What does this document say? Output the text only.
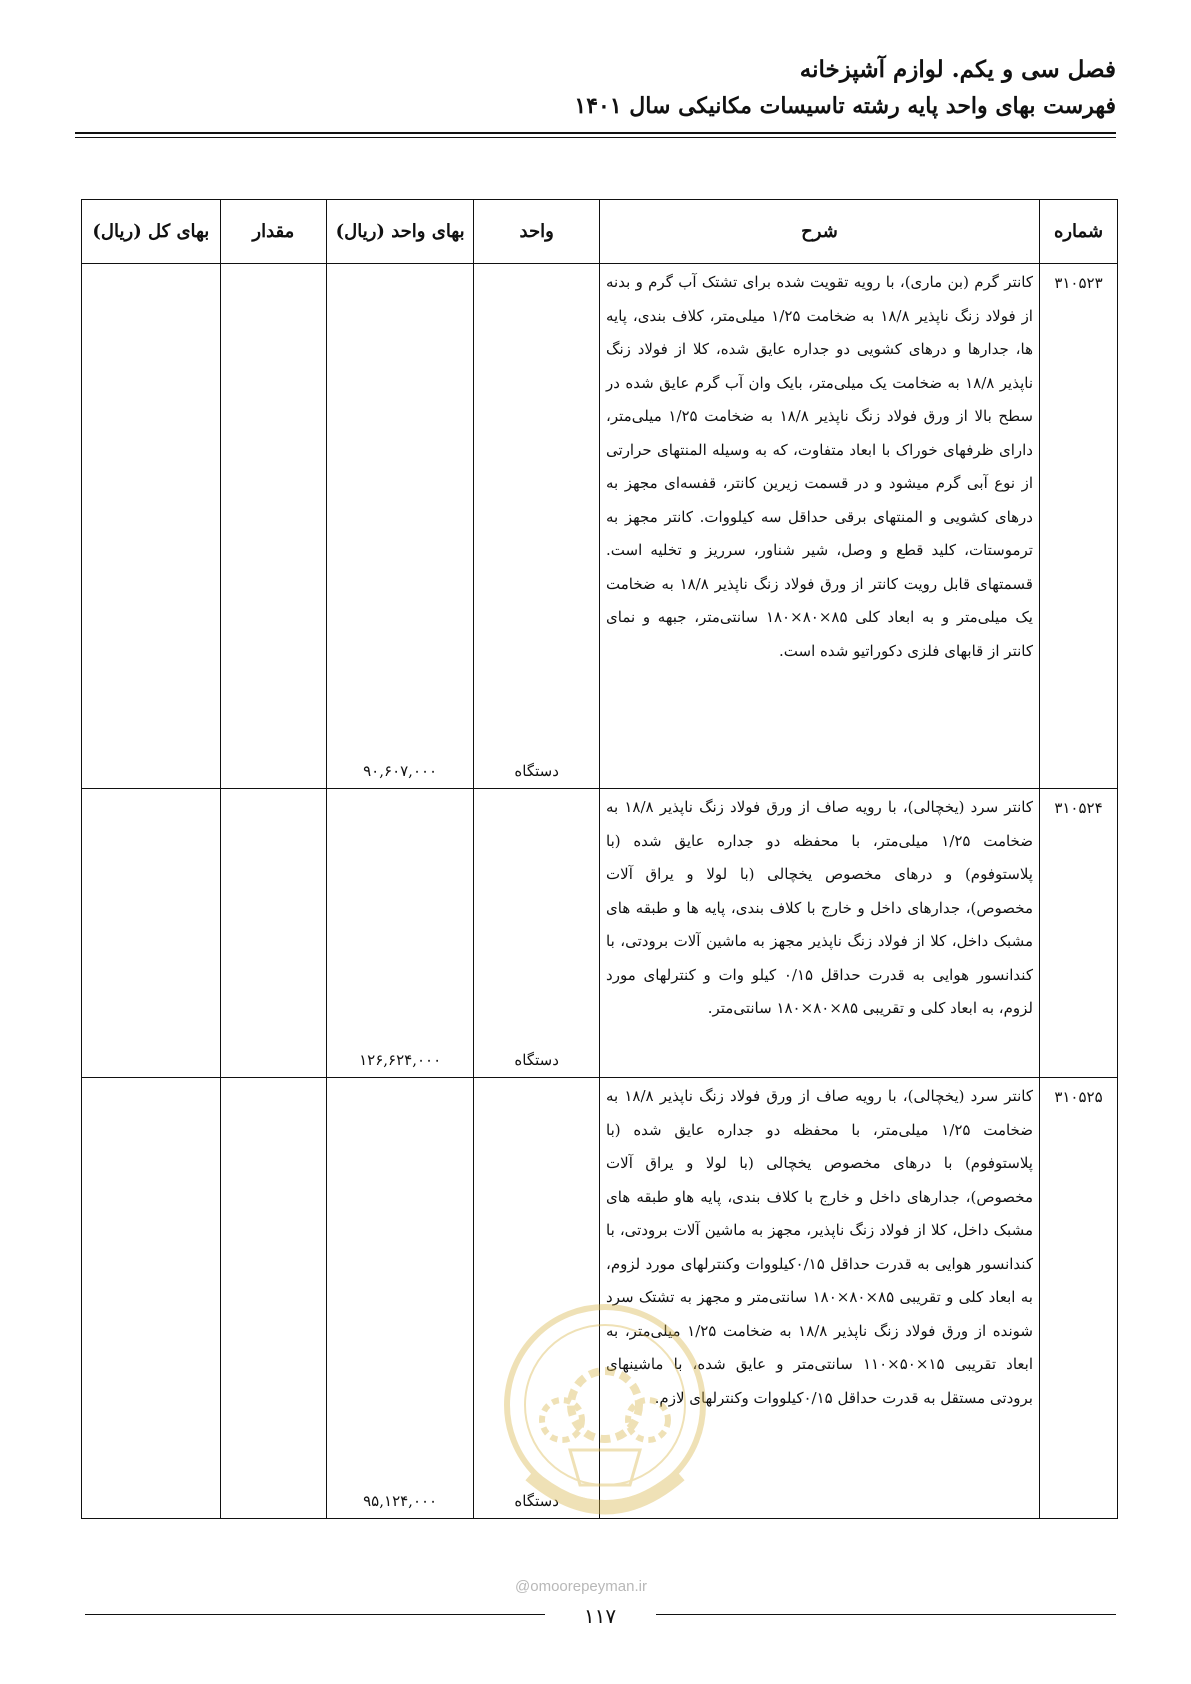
فصل سی و یکم. لوازم آشپزخانه
فهرست بهای واحد پایه رشته تاسیسات مکانیکی سال ۱۴۰۱
شماره	شرح	واحد	بهای واحد (ریال)	مقدار	بهای کل (ریال)
۳۱۰۵۲۳	کانتر گرم (بن ماری)، با رویه تقویت شده برای تشتک آب گرم و بدنه از فولاد زنگ ناپذیر ۱۸/۸ به ضخامت ۱/۲۵ میلی‌متر، کلاف بندی، پایه ها، جدارها و درهای کشویی دو جداره عایق شده، کلا از فولاد زنگ ناپذیر ۱۸/۸ به ضخامت یک میلی‌متر، بایک وان آب گرم عایق شده در سطح بالا از ورق فولاد زنگ ناپذیر ۱۸/۸ به ضخامت ۱/۲۵ میلی‌متر، دارای ظرفهای خوراک با ابعاد متفاوت، که به وسیله المنتهای حرارتی از نوع آبی گرم میشود و در قسمت زیرین کانتر، قفسه‌ای مجهز به درهای کشویی و المنتهای برقی حداقل سه کیلووات. کانتر مجهز به ترموستات، کلید قطع و وصل، شیر شناور، سرریز و تخلیه است. قسمتهای قابل رویت کانتر از ورق فولاد زنگ ناپذیر ۱۸/۸ به ضخامت یک میلی‌متر و به ابعاد کلی ۸۵×۸۰×۱۸۰ سانتی‌متر، جبهه و نمای کانتر از قابهای فلزی دکوراتیو شده است.	دستگاه	۹۰,۶۰۷,۰۰۰		
۳۱۰۵۲۴	کانتر سرد (یخچالی)، با رویه صاف از ورق فولاد زنگ ناپذیر ۱۸/۸ به ضخامت ۱/۲۵ میلی‌متر، با محفظه دو جداره عایق شده (با پلاستوفوم) و درهای مخصوص یخچالی (با لولا و یراق آلات مخصوص)، جدارهای داخل و خارج با کلاف بندی، پایه ها و طبقه های مشبک داخل، کلا از فولاد زنگ ناپذیر مجهز به ماشین آلات برودتی، با کندانسور هوایی به قدرت حداقل ۰/۱۵ کیلو وات و کنترلهای مورد لزوم، به ابعاد کلی و تقریبی ۸۵×۸۰×۱۸۰ سانتی‌متر.	دستگاه	۱۲۶,۶۲۴,۰۰۰		
۳۱۰۵۲۵	کانتر سرد (یخچالی)، با رویه صاف از ورق فولاد زنگ ناپذیر ۱۸/۸ به ضخامت ۱/۲۵ میلی‌متر، با محفظه دو جداره عایق شده (با پلاستوفوم) با درهای مخصوص یخچالی (با لولا و یراق آلات مخصوص)، جدارهای داخل و خارج با کلاف بندی، پایه هاو طبقه های مشبک داخل، کلا از فولاد زنگ ناپذیر، مجهز به ماشین آلات برودتی، با کندانسور هوایی به قدرت حداقل ۰/۱۵کیلووات وکنترلهای مورد لزوم، به ابعاد کلی و تقریبی ۸۵×۸۰×۱۸۰ سانتی‌متر و مجهز به تشتک سرد شونده از ورق فولاد زنگ ناپذیر ۱۸/۸ به ضخامت ۱/۲۵ میلی‌متر، به ابعاد تقریبی ۱۵×۵۰×۱۱۰ سانتی‌متر و عایق شده، با ماشینهای برودتی مستقل به قدرت حداقل ۰/۱۵کیلووات وکنترلهای لازم.	دستگاه	۹۵,۱۲۴,۰۰۰		
@omoorepeyman.ir
۱۱۷
